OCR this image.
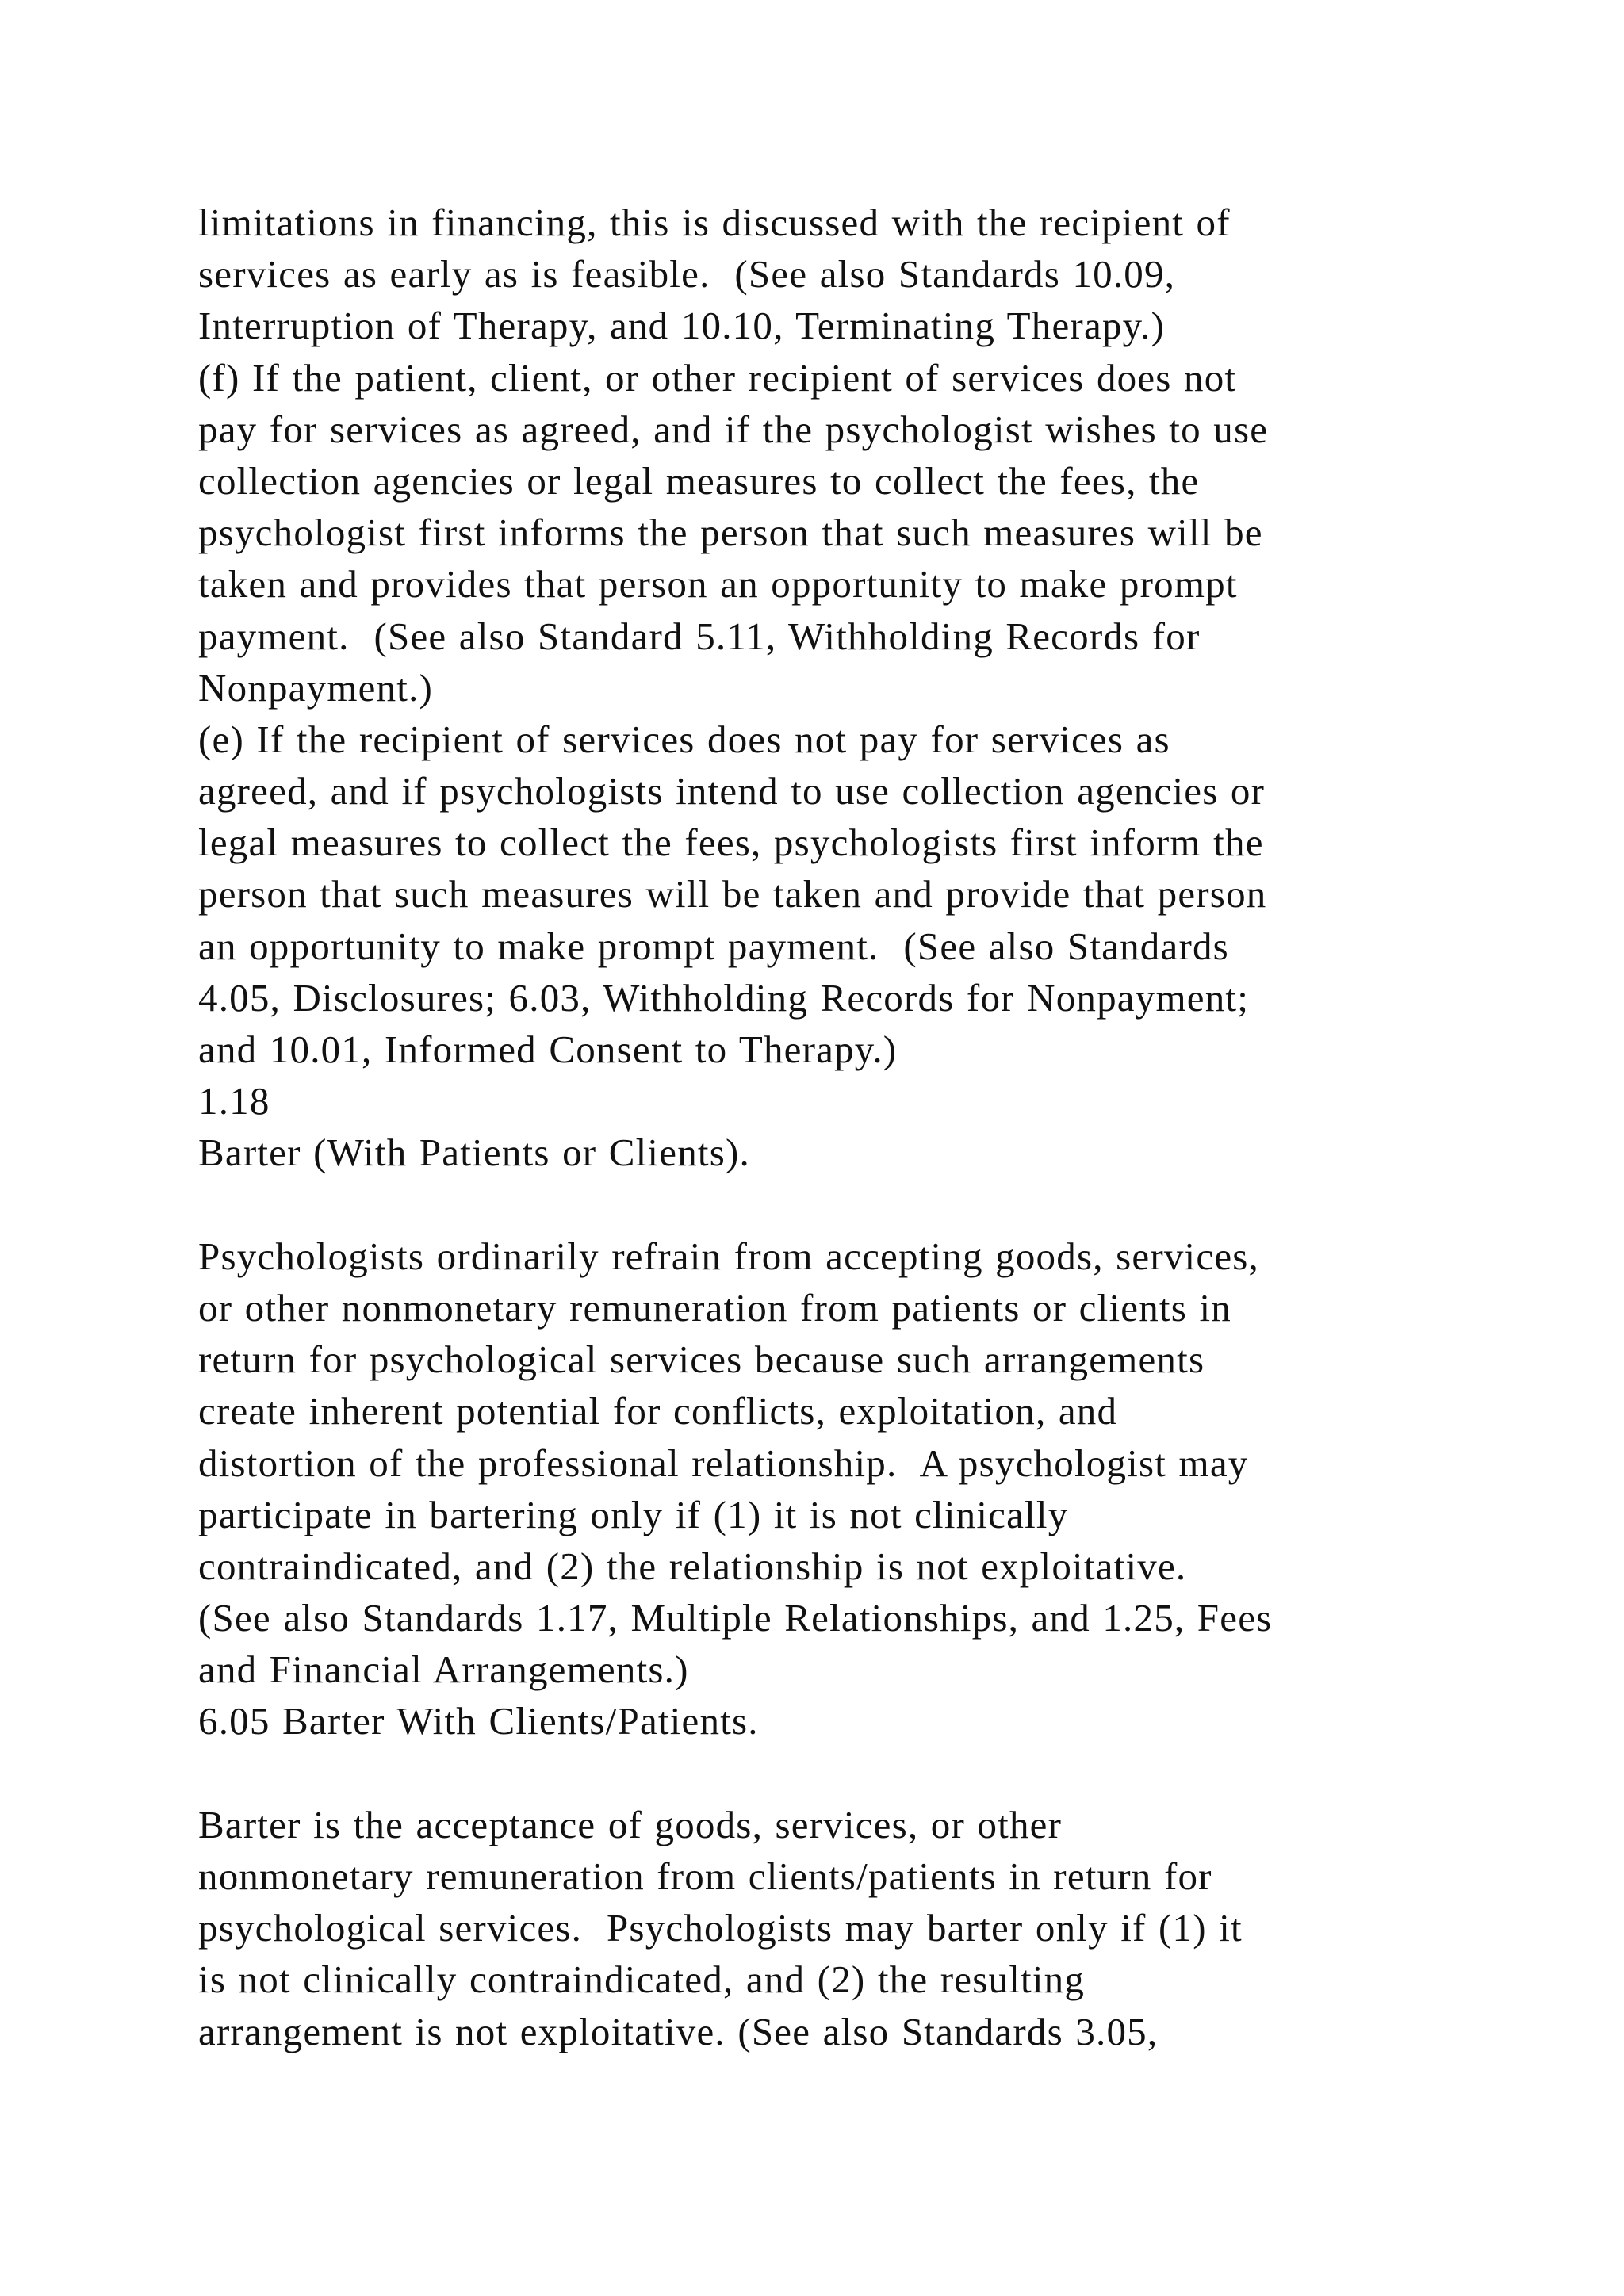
limitations in financing, this is discussed with the recipient of
services as early as is feasible.  (See also Standards 10.09,
Interruption of Therapy, and 10.10, Terminating Therapy.)
(f) If the patient, client, or other recipient of services does not
pay for services as agreed, and if the psychologist wishes to use
collection agencies or legal measures to collect the fees, the
psychologist first informs the person that such measures will be
taken and provides that person an opportunity to make prompt
payment.  (See also Standard 5.11, Withholding Records for
Nonpayment.)
(e) If the recipient of services does not pay for services as
agreed, and if psychologists intend to use collection agencies or
legal measures to collect the fees, psychologists first inform the
person that such measures will be taken and provide that person
an opportunity to make prompt payment.  (See also Standards
4.05, Disclosures; 6.03, Withholding Records for Nonpayment;
and 10.01, Informed Consent to Therapy.)
1.18
Barter (With Patients or Clients).
Psychologists ordinarily refrain from accepting goods, services,
or other nonmonetary remuneration from patients or clients in
return for psychological services because such arrangements
create inherent potential for conflicts, exploitation, and
distortion of the professional relationship.  A psychologist may
participate in bartering only if (1) it is not clinically
contraindicated, and (2) the relationship is not exploitative.
(See also Standards 1.17, Multiple Relationships, and 1.25, Fees
and Financial Arrangements.)
6.05 Barter With Clients/Patients.
Barter is the acceptance of goods, services, or other
nonmonetary remuneration from clients/patients in return for
psychological services.  Psychologists may barter only if (1) it
is not clinically contraindicated, and (2) the resulting
arrangement is not exploitative. (See also Standards 3.05,
